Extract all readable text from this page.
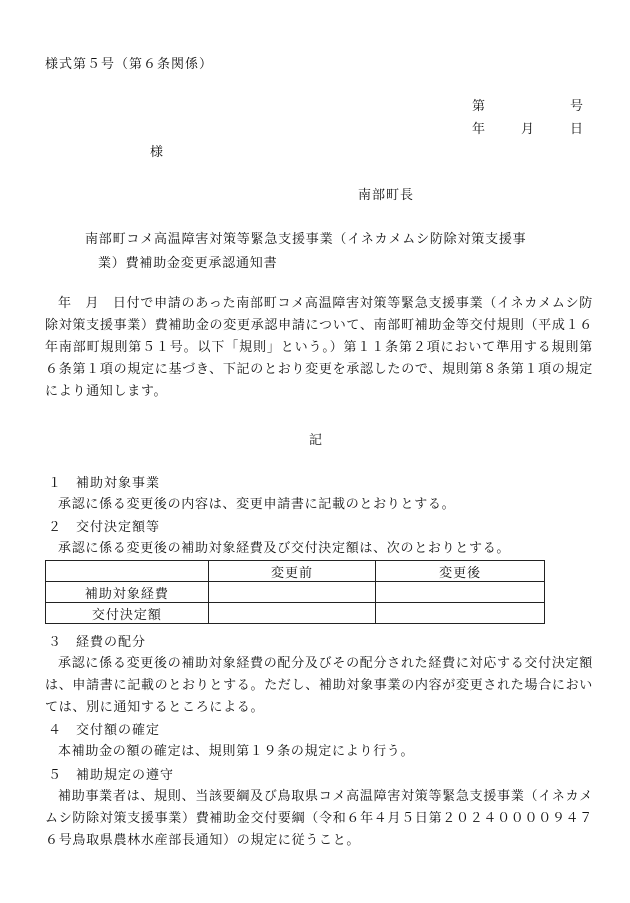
様式第５号（第６条関係）
第	号
年	月	日
様
南部町長
南部町コメ高温障害対策等緊急支援事業（イネカメムシ防除対策支援事
業）費補助金変更承認通知書
年　月　日付で申請のあった南部町コメ高温障害対策等緊急支援事業（イネカメムシ防除対策支援事業）費補助金の変更承認申請について、南部町補助金等交付規則（平成１６年南部町規則第５１号。以下「規則」という。）第１１条第２項において準用する規則第６条第１項の規定に基づき、下記のとおり変更を承認したので、規則第８条第１項の規定により通知します。
記
１　補助対象事業
承認に係る変更後の内容は、変更申請書に記載のとおりとする。
２　交付決定額等
承認に係る変更後の補助対象経費及び交付決定額は、次のとおりとする。
	変更前	変更後
補助対象経費		
交付決定額		
３　経費の配分
承認に係る変更後の補助対象経費の配分及びその配分された経費に対応する交付決定額は、申請書に記載のとおりとする。ただし、補助対象事業の内容が変更された場合においては、別に通知するところによる。
４　交付額の確定
本補助金の額の確定は、規則第１９条の規定により行う。
５　補助規定の遵守
補助事業者は、規則、当該要綱及び鳥取県コメ高温障害対策等緊急支援事業（イネカメムシ防除対策支援事業）費補助金交付要綱（令和６年４月５日第２０２４００００９４７６号鳥取県農林水産部長通知）の規定に従うこと。
